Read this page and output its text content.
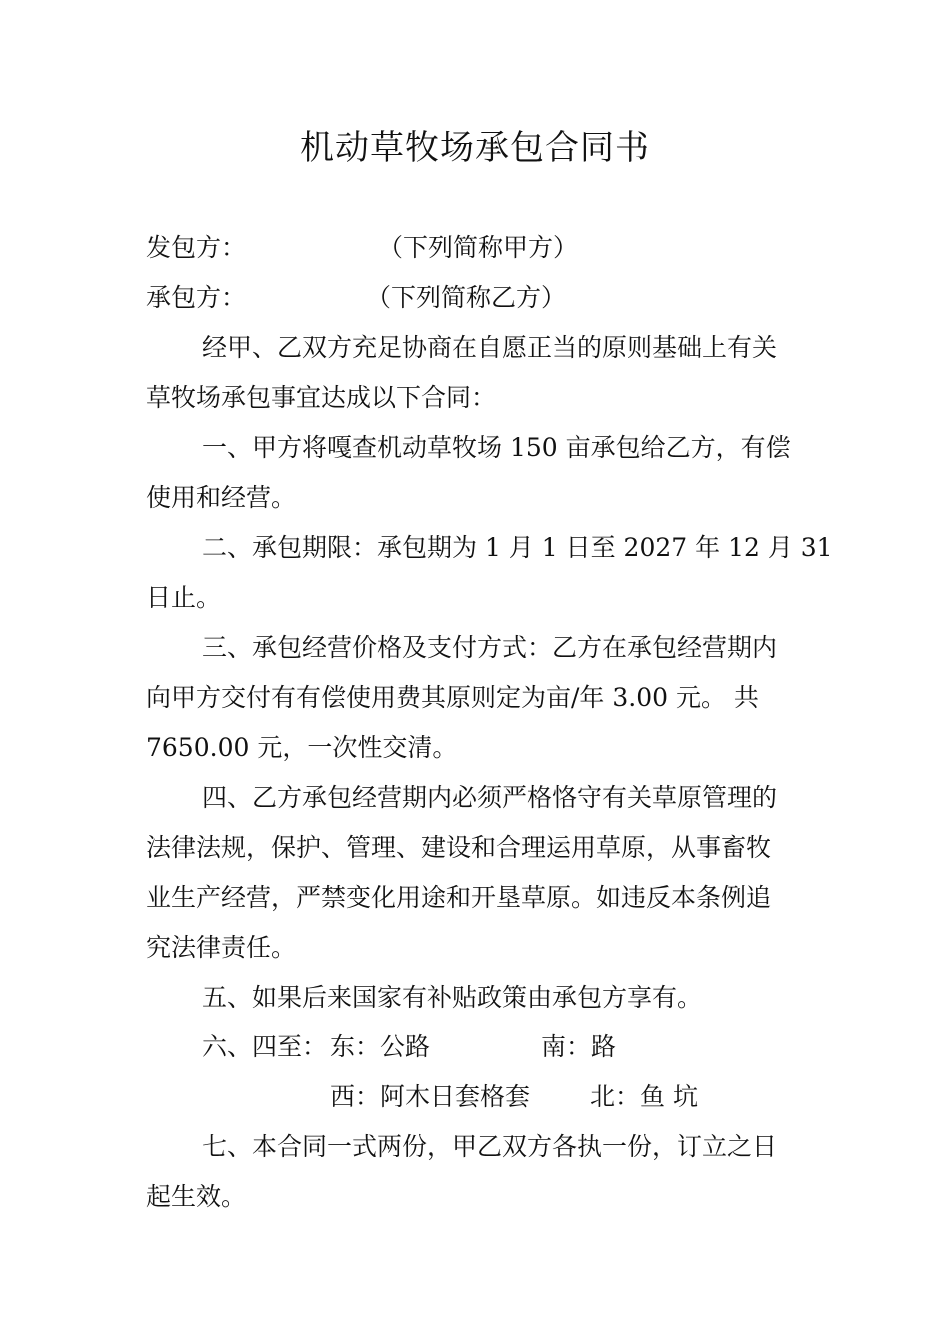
机动草牧场承包合同书
发包方：	（下列简称甲方）
承包方：	（下列简称乙方）
经甲、乙双方充足协商在自愿正当的原则基础上有关
草牧场承包事宜达成以下合同：
一、甲方将嘎查机动草牧场 150 亩承包给乙方，有偿
使用和经营。
二、承包期限：承包期为 1 月 1 日至 2027 年 12 月 31
日止。
三、承包经营价格及支付方式：乙方在承包经营期内
向甲方交付有有偿使用费其原则定为亩/年 3.00 元。 共
7650.00 元，一次性交清。
四、乙方承包经营期内必须严格恪守有关草原管理的
法律法规，保护、管理、建设和合理运用草原，从事畜牧
业生产经营，严禁变化用途和开垦草原。如违反本条例追
究法律责任。
五、如果后来国家有补贴政策由承包方享有。
六、四至： 东：公路	南：路
西：阿木日套格套 北：鱼 坑
七、本合同一式两份，甲乙双方各执一份，订立之日
起生效。
